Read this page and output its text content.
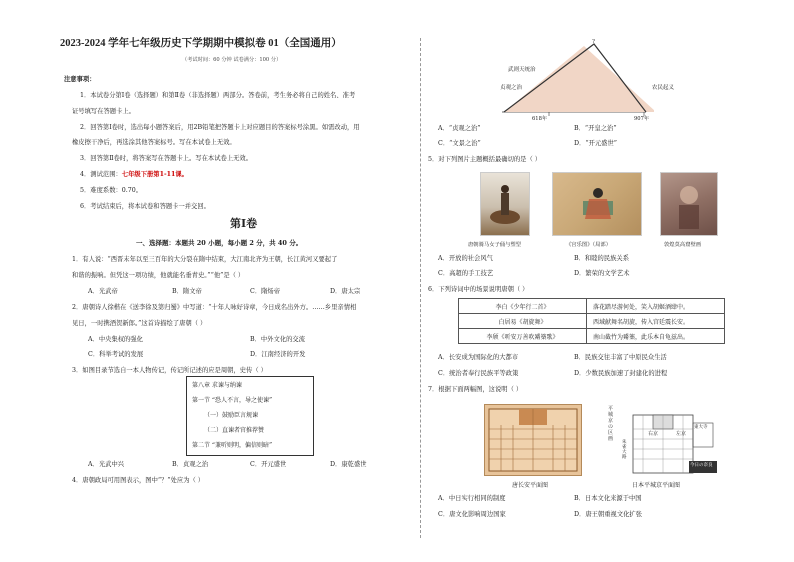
2023-2024 学年七年级历史下学期期中模拟卷 01（全国通用）
（考试时间：60 分钟 试卷满分：100 分）
注意事项：
1．本试卷分第Ⅰ卷（选择题）和第Ⅱ卷（非选择题）两部分。答卷前，考生务必将自己的姓名、准考
证号填写在答题卡上。
2．回答第Ⅰ卷时，选出每小题答案后，用2B铅笔把答题卡上对应题目的答案标号涂黑。如需改动，用
橡皮擦干净后，再选涂其他答案标号。写在本试卷上无效。
3．回答第Ⅱ卷时，将答案写在答题卡上。写在本试卷上无效。
4．测试范围：七年级下册第1-11课。
5．难度系数：0.70。
6．考试结束后，将本试卷和答题卡一并交回。
第Ⅰ卷
一、选择题：本题共 20 小题，每小题 2 分，共 40 分。
1．有人说：“西晋末年以至三百年的大分裂在隋中结束，大江南北齐为王朝，长江黄河又要起了
和谐的振响。但凭这一项功绩，他就能名垂青史。”“他”是（ ）
A．光武帝	B．隋文帝	C．隋炀帝	D．唐太宗
2．唐朝诗人徐楷在《送李徐及第归蜀》中写道：“十年人咏好诗章，今日成名出外方。……乡里亲情相
见日，一时携酒贺新郎。”这首诗描绘了唐朝（ ）
A．中央集权的强化	B．中外文化的交流
C．科举考试的发展	D．江南经济的开发
3．如图目录节选自一本人物传记，传记所记述的应是周朝，史传（ ）
第八章 求谏与纳谏
第一节 “恐人不言，导之使谏”
（一）鼓励臣言规谏
（二）直谏者官推荐赞
第二节 “兼听则明，偏信则暗”
A．光武中兴	B．贞观之治	C．开元盛世	D．康乾盛世
4．唐朝政局可用图表示，图中“？”处应为（ ）
?
武则天统治
贞观之治	农民起义
618年	907年
A．“贞观之治”	B．“开皇之治”
C．“文景之治”	D．“开元盛世”
5．对下列图片主题概括最确切的是（ ）
唐朝骑马女子俑与塑型	《宫乐图》（局部）	敦煌莫高窟壁画
A．开放的社会风气	B．和睦的民族关系
C．高超的手工技艺	D．繁荣的文学艺术
6．下列诗词中的场景说明唐朝（ ）
李白《少年行二首》	落花踏尽游何处，笑入胡姬酒肆中。
白居易《胡旋舞》	西域献舞名胡旋，传入宫廷震长安。
李颀《听安万善吹觱篥歌》	南山截竹为觱篥，此乐本自龟兹出。
A．长安成为国际化的大都市	B．民族交往丰富了中原民众生活
C．统治者奉行民族平等政策	D．少数民族加速了封建化的进程
7．根据下面两幅图，这说明（ ）
平城京の区画
右京	左京
朱雀大路
今日の奈良
東大寺
唐长安平面图	日本平城京平面图
A．中日实行相同的制度	B．日本文化来源于中国
C．唐文化影响周边国家	D．唐王朝重视文化扩张
